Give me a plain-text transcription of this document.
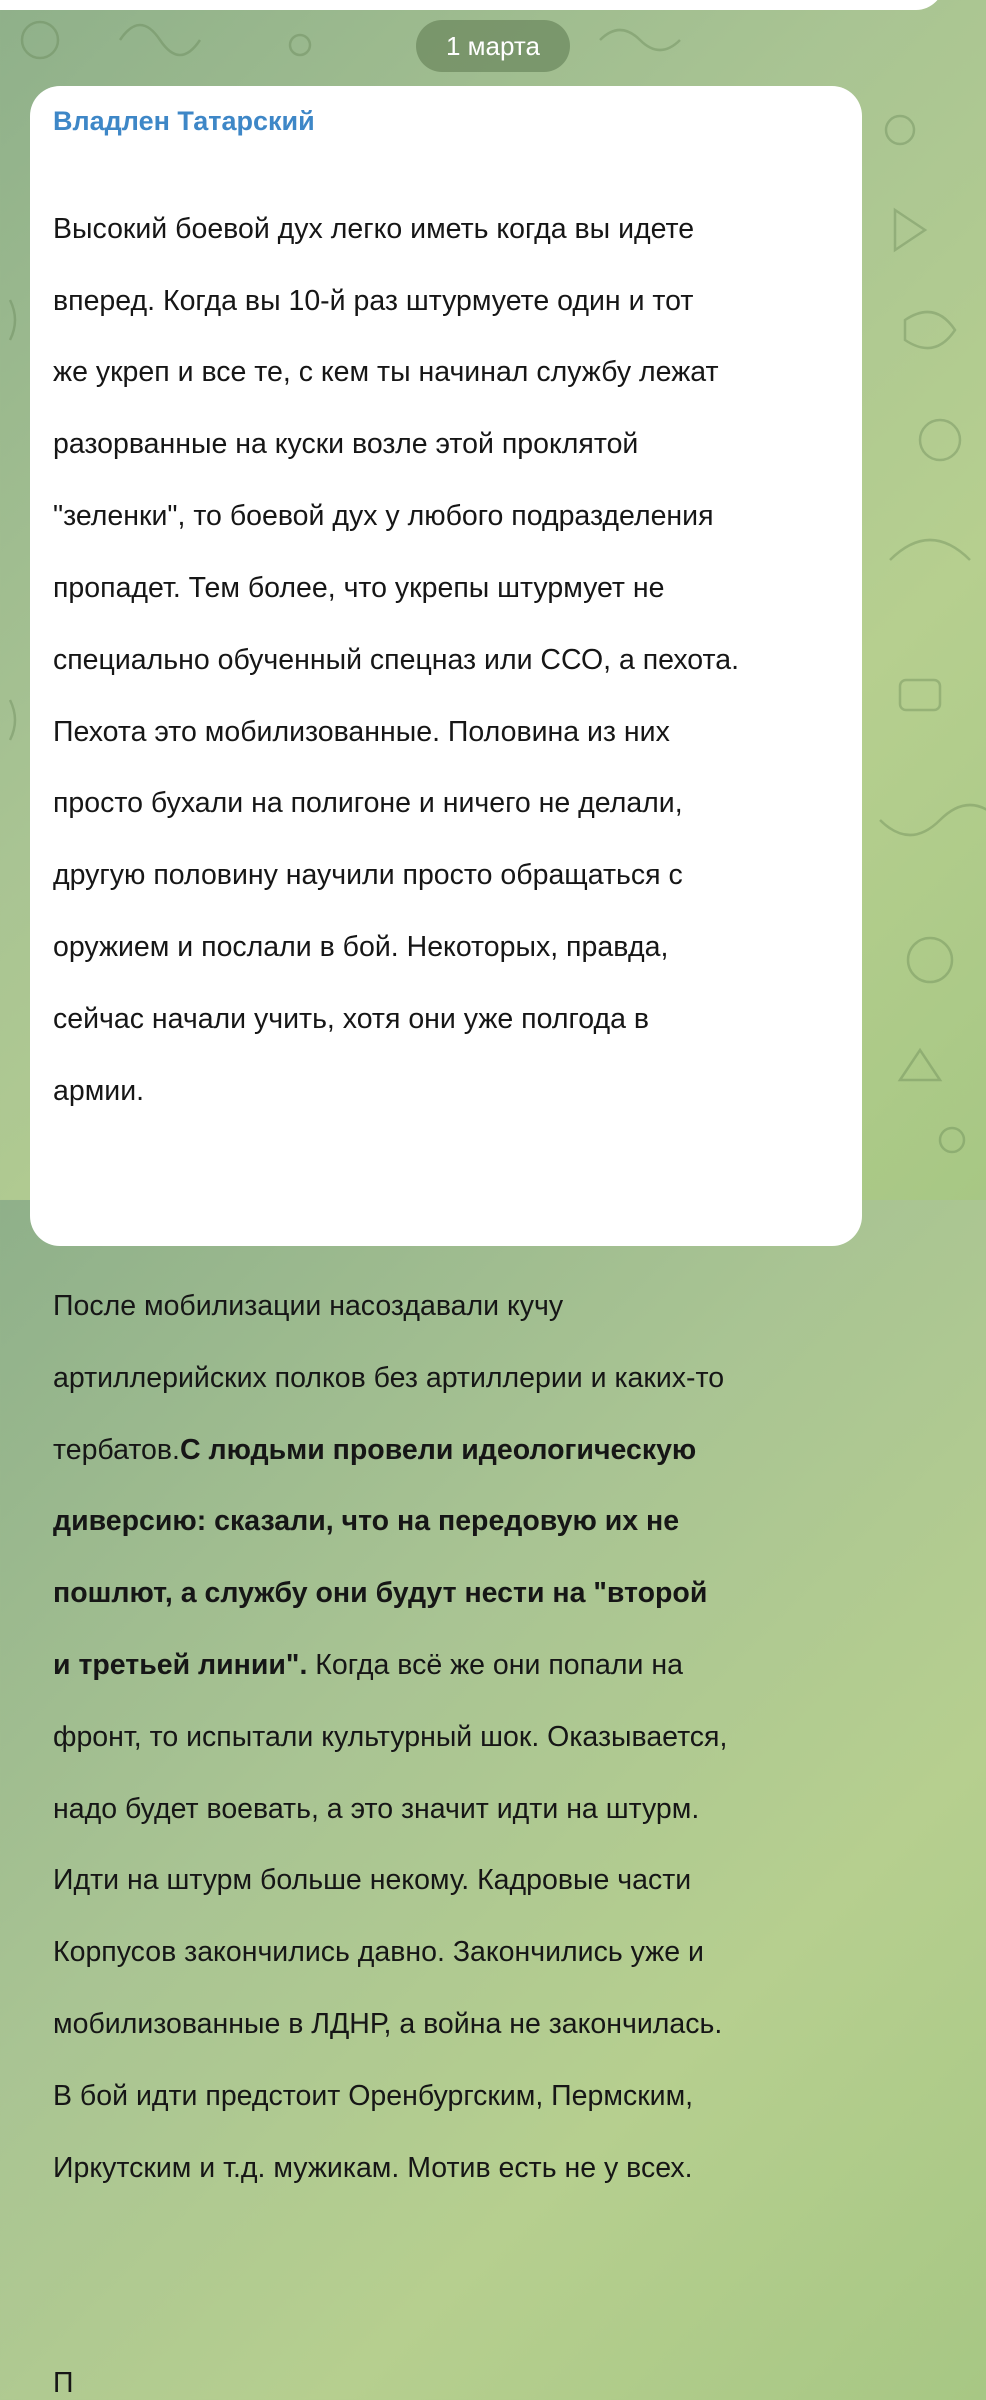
1 марта
Владлен Татарский

Высокий боевой дух легко иметь когда вы идете

вперед. Когда вы 10-й раз штурмуете один и тот

же укреп и все те, с кем ты начинал службу лежат

разорванные на куски возле этой проклятой

"зеленки", то боевой дух у любого подразделения

пропадет. Тем более, что укрепы штурмует не

специально обученный спецназ или ССО, а пехота.

Пехота это мобилизованные. Половина из них

просто бухали на полигоне и ничего не делали,

другую половину научили просто обращаться с

оружием и послали в бой. Некоторых, правда,

сейчас начали учить, хотя они уже полгода в

армии.

После мобилизации насоздавали кучу

артиллерийских полков без артиллерии и каких-то

тербатов.С людьми провели идеологическую

диверсию: сказали, что на передовую их не

пошлют, а службу они будут нести на "второй

и третьей линии". Когда всё же они попали на

фронт, то испытали культурный шок. Оказывается,

надо будет воевать, а это значит идти на штурм.

Идти на штурм больше некому. Кадровые части

Корпусов закончились давно. Закончились уже и

мобилизованные в ЛДНР, а война не закончилась.

В бой идти предстоит Оренбургским, Пермским,

Иркутским и т.д. мужикам. Мотив есть не у всех.

П
